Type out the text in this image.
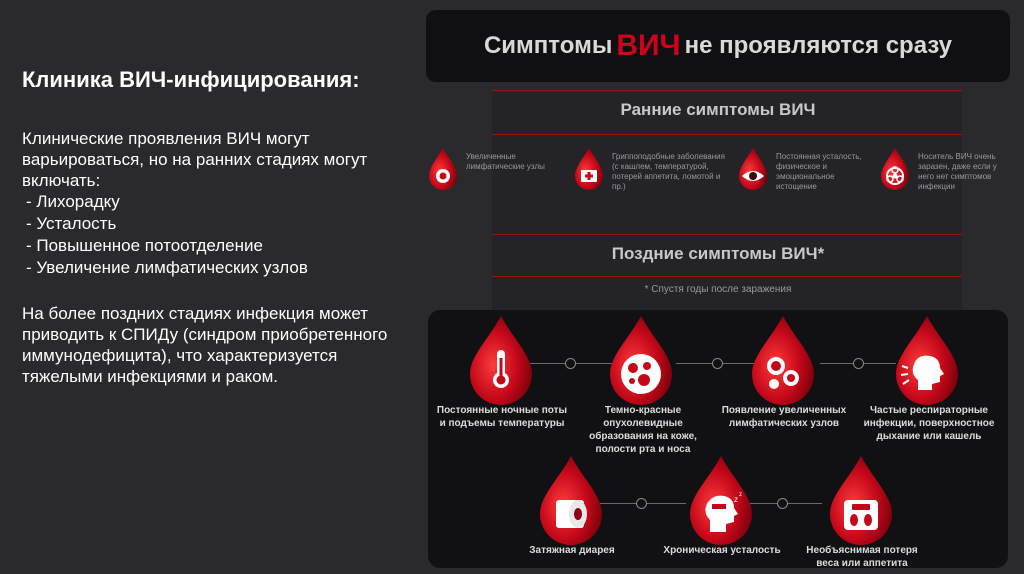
Клиника ВИЧ-инфицирования:
Клинические проявления ВИЧ могут варьироваться, но на ранних стадиях могут включать:
- Лихорадку
- Усталость
- Повышенное потоотделение
- Увеличение лимфатических узлов
На более поздних стадиях инфекция может приводить к СПИДу (синдром приобретенного иммунодефицита), что характеризуется тяжелыми инфекциями и раком.
Симптомы ВИЧ не проявляются сразу
Ранние симптомы ВИЧ
Увеличенные лимфатические узлы
Гриппоподобные заболевания (с кашлем, температурой, потерей аппетита, ломотой и пр.)
Постоянная усталость, физическое и эмоциональное истощение
Носитель ВИЧ очень заразен, даже если у него нет симптомов инфекции
Поздние симптомы ВИЧ*
* Спустя годы после заражения
Постоянные ночные поты и подъемы температуры
Темно-красные опухолевидные образования на коже, полости рта и носа
Появление увеличенных лимфатических узлов
Частые респираторные инфекции, поверхностное дыхание или кашель
z z
Затяжная диарея	Хроническая усталость	Необъяснимая потеря веса или аппетита
